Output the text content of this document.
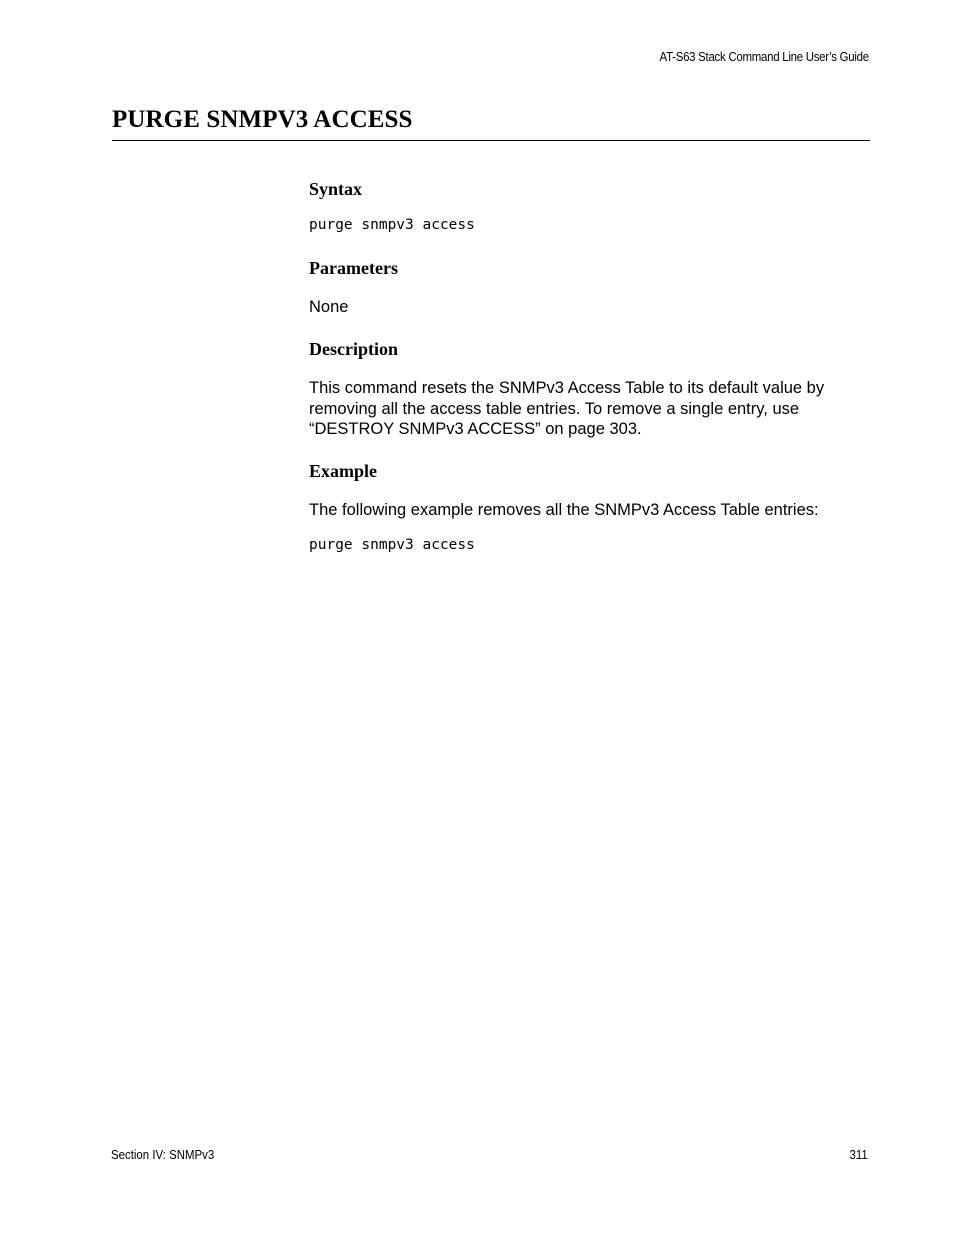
AT-S63 Stack Command Line User’s Guide
PURGE SNMPV3 ACCESS
Syntax
purge snmpv3 access
Parameters

None

Description
This command resets the SNMPv3 Access Table to its default value by
removing all the access table entries. To remove a single entry, use
“DESTROY SNMPv3 ACCESS” on page 303.
Example

The following example removes all the SNMPv3 Access Table entries:

purge snmpv3 access
Section IV: SNMPv3	311
